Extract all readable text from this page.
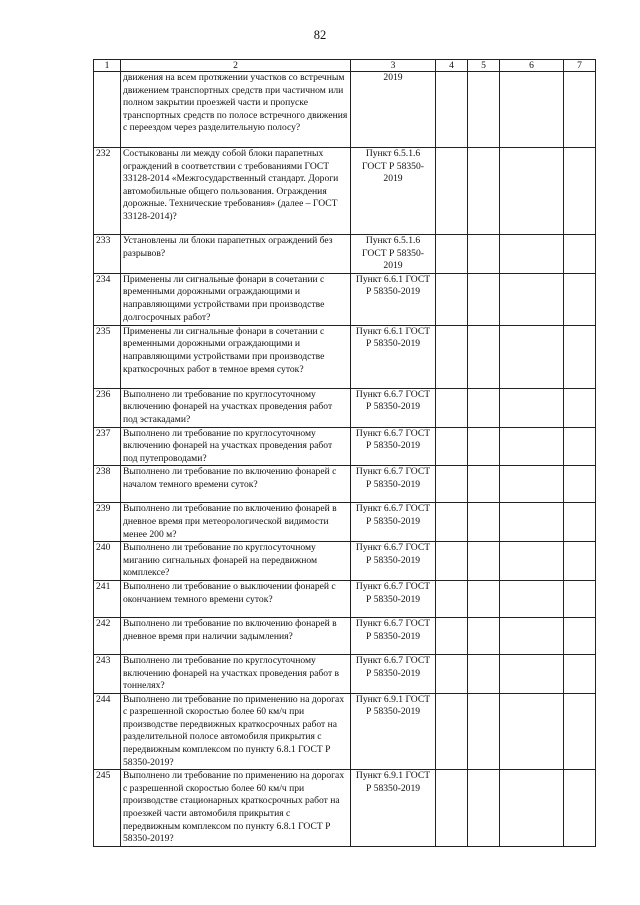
82
1	2	3	4	5	6	7
	движения на всем протяжении участков со встречным движением транспортных средств при частичном или полном закрытии проезжей части и пропуске транспортных средств по полосе встречного движения с переездом через разделительную полосу?	2019				
232	Состыкованы ли между собой блоки парапетных ограждений в соответствии с требованиями ГОСТ 33128-2014 «Межгосударственный стандарт. Дороги автомобильные общего пользования. Ограждения дорожные. Технические требования» (далее – ГОСТ 33128-2014)?	Пункт 6.5.1.6 ГОСТ Р 58350-2019				
233	Установлены ли блоки парапетных ограждений без разрывов?	Пункт 6.5.1.6 ГОСТ Р 58350-2019				
234	Применены ли сигнальные фонари в сочетании с временными дорожными ограждающими и направляющими устройствами при производстве долгосрочных работ?	Пункт 6.6.1 ГОСТ Р 58350-2019				
235	Применены ли сигнальные фонари в сочетании с временными дорожными ограждающими и направляющими устройствами при производстве краткосрочных работ в темное время суток?	Пункт 6.6.1 ГОСТ Р 58350-2019				
236	Выполнено ли требование по круглосуточному включению фонарей на участках проведения работ под эстакадами?	Пункт 6.6.7 ГОСТ Р 58350-2019				
237	Выполнено ли требование по круглосуточному включению фонарей на участках проведения работ под путепроводами?	Пункт 6.6.7 ГОСТ Р 58350-2019				
238	Выполнено ли требование по включению фонарей с началом темного времени суток?	Пункт 6.6.7 ГОСТ Р 58350-2019				
239	Выполнено ли требование по включению фонарей в дневное время при метеорологической видимости менее 200 м?	Пункт 6.6.7 ГОСТ Р 58350-2019				
240	Выполнено ли требование по круглосуточному миганию сигнальных фонарей на передвижном комплексе?	Пункт 6.6.7 ГОСТ Р 58350-2019				
241	Выполнено ли требование о выключении фонарей с окончанием темного времени суток?	Пункт 6.6.7 ГОСТ Р 58350-2019				
242	Выполнено ли требование по включению фонарей в дневное время при наличии задымления?	Пункт 6.6.7 ГОСТ Р 58350-2019				
243	Выполнено ли требование по круглосуточному включению фонарей на участках проведения работ в тоннелях?	Пункт 6.6.7 ГОСТ Р 58350-2019				
244	Выполнено ли требование по применению на дорогах с разрешенной скоростью более 60 км/ч при производстве передвижных краткосрочных работ на разделительной полосе автомобиля прикрытия с передвижным комплексом по пункту 6.8.1 ГОСТ Р 58350-2019?	Пункт 6.9.1 ГОСТ Р 58350-2019				
245	Выполнено ли требование по применению на дорогах с разрешенной скоростью более 60 км/ч при производстве стационарных краткосрочных работ на проезжей части автомобиля прикрытия с передвижным комплексом по пункту 6.8.1 ГОСТ Р 58350-2019?	Пункт 6.9.1 ГОСТ Р 58350-2019				
